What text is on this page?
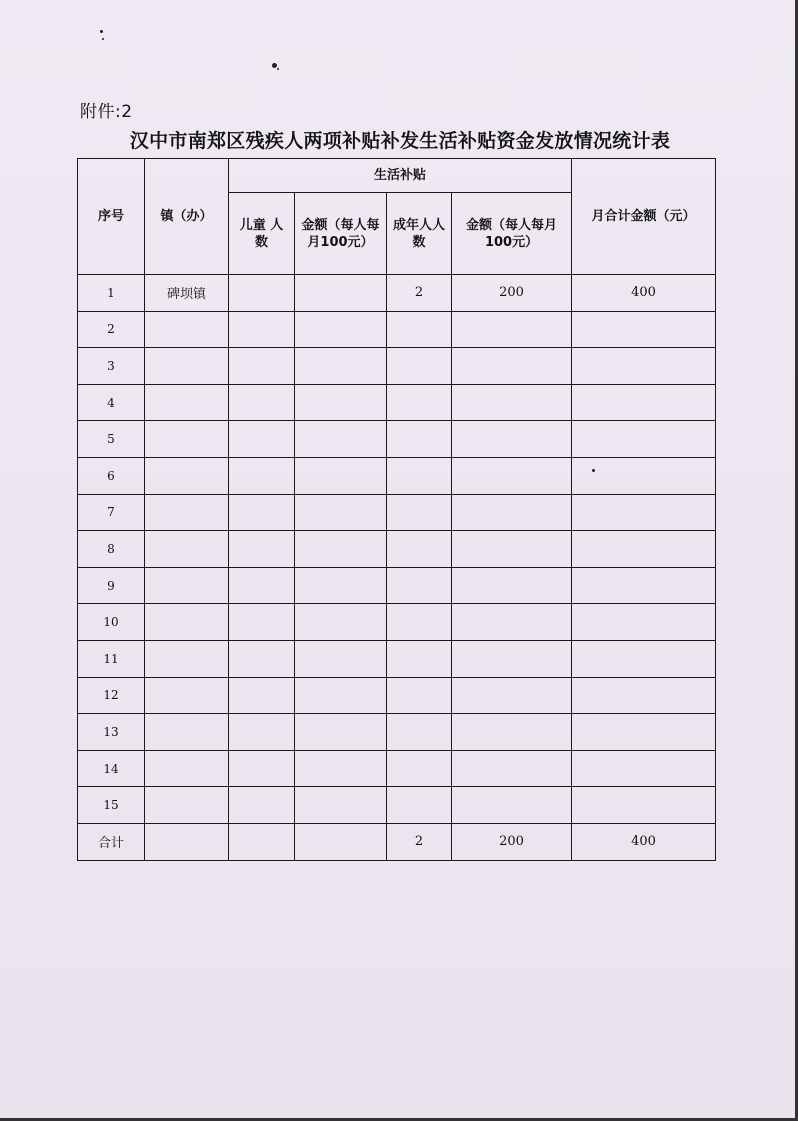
附件:2
汉中市南郑区残疾人两项补贴补发生活补贴资金发放情况统计表
序号	镇（办）	生活补贴				月合计金额（元）
		儿童 人数	金额（每人每月100元）	成年人人数	金额（每人每月100元）	
1	碑坝镇			2	200	400
2						
3						
4						
5						
6						
7						
8						
9						
10						
11						
12						
13						
14						
15						
合计				2	200	400
